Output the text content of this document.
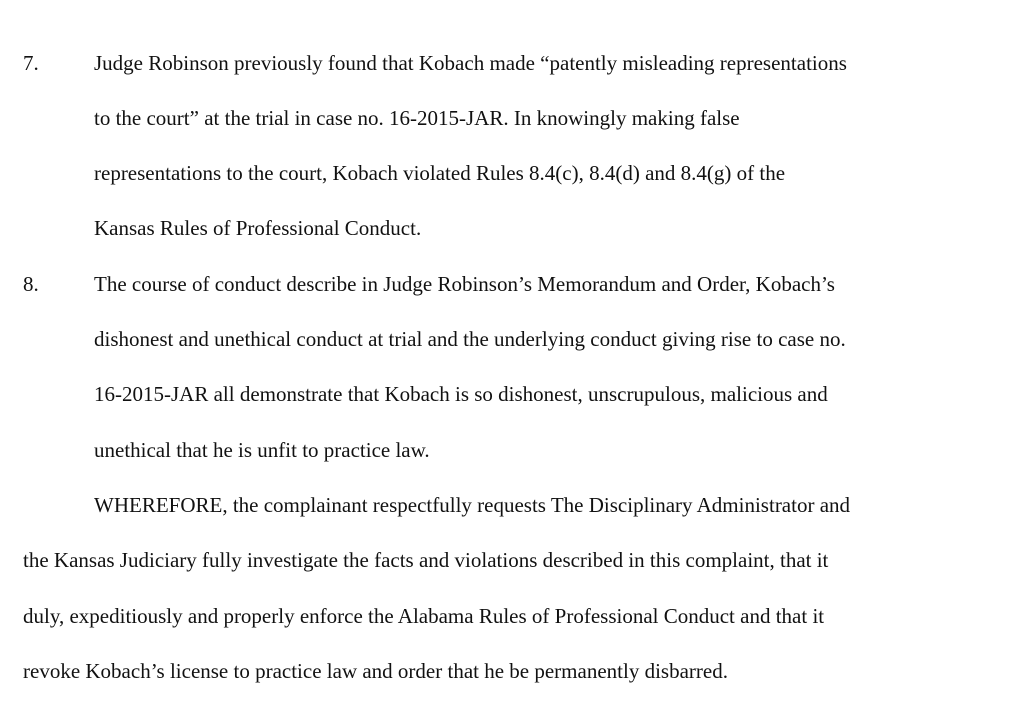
7.	Judge Robinson previously found that Kobach made “patently misleading representations
to the court” at the trial in case no. 16-2015-JAR. In knowingly making false
representations to the court, Kobach violated Rules 8.4(c), 8.4(d) and 8.4(g) of the
Kansas Rules of Professional Conduct.
8.	The course of conduct describe in Judge Robinson’s Memorandum and Order, Kobach’s
dishonest and unethical conduct at trial and the underlying conduct giving rise to case no.
16-2015-JAR all demonstrate that Kobach is so dishonest, unscrupulous, malicious and
unethical that he is unfit to practice law.
WHEREFORE, the complainant respectfully requests The Disciplinary Administrator and
the Kansas Judiciary fully investigate the facts and violations described in this complaint, that it
duly, expeditiously and properly enforce the Alabama Rules of Professional Conduct and that it
revoke Kobach’s license to practice law and order that he be permanently disbarred.
